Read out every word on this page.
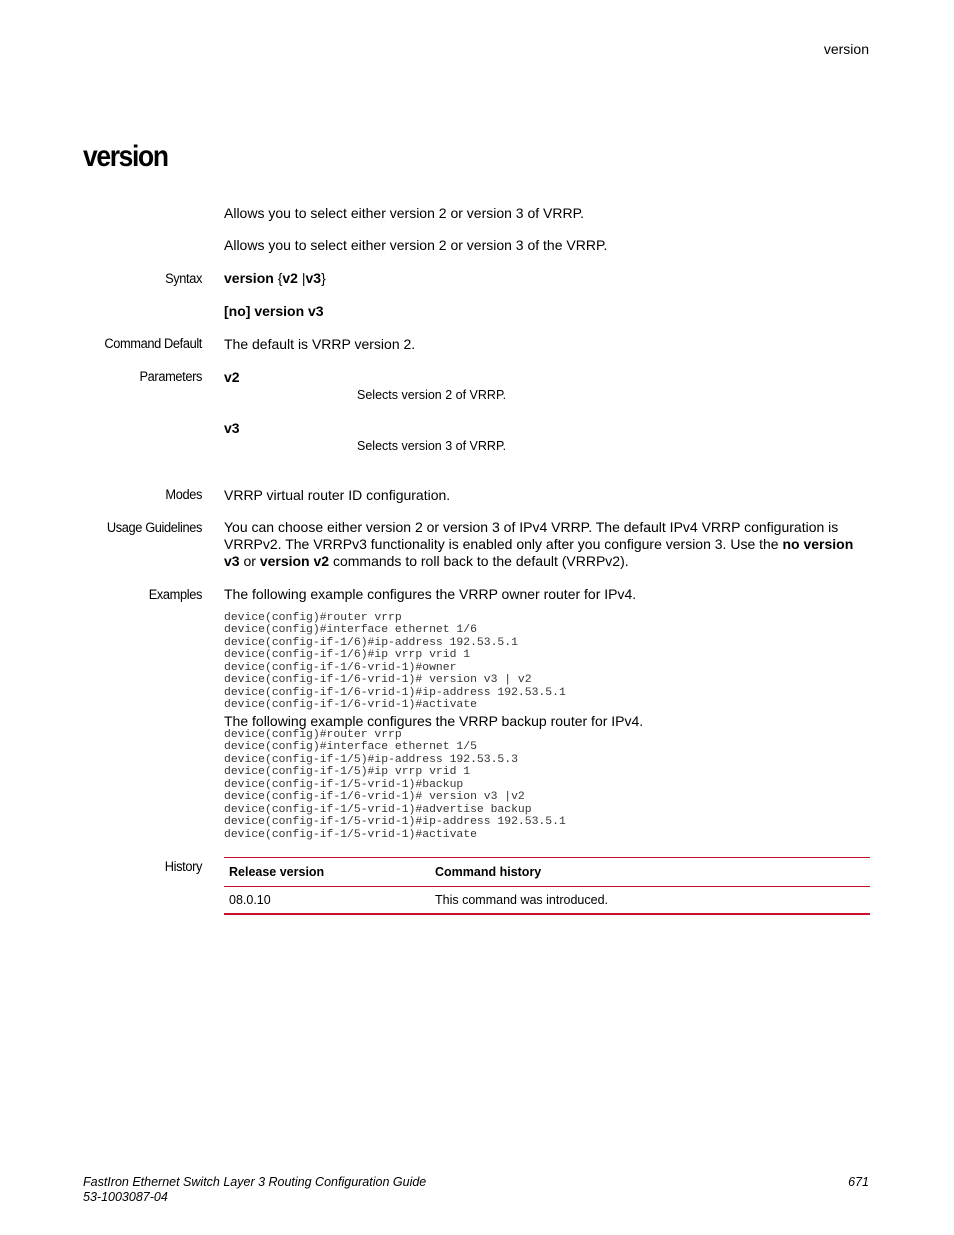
version
version
Allows you to select either version 2 or version 3 of VRRP.
Allows you to select either version 2 or version 3 of the VRRP.
Syntax version {v2 |v3}
[no] version v3
Command Default The default is VRRP version 2.
Parameters v2
Selects version 2 of VRRP.
v3
Selects version 3 of VRRP.
Modes VRRP virtual router ID configuration.
Usage Guidelines You can choose either version 2 or version 3 of IPv4 VRRP. The default IPv4 VRRP configuration is VRRPv2. The VRRPv3 functionality is enabled only after you configure version 3. Use the no version v3 or version v2 commands to roll back to the default (VRRPv2).
Examples The following example configures the VRRP owner router for IPv4.
device(config)#router vrrp
device(config)#interface ethernet 1/6
device(config-if-1/6)#ip-address 192.53.5.1
device(config-if-1/6)#ip vrrp vrid 1
device(config-if-1/6-vrid-1)#owner
device(config-if-1/6-vrid-1)# version v3 | v2
device(config-if-1/6-vrid-1)#ip-address 192.53.5.1
device(config-if-1/6-vrid-1)#activate
The following example configures the VRRP backup router for IPv4.
device(config)#router vrrp
device(config)#interface ethernet 1/5
device(config-if-1/5)#ip-address 192.53.5.3
device(config-if-1/5)#ip vrrp vrid 1
device(config-if-1/5-vrid-1)#backup
device(config-if-1/6-vrid-1)# version v3 |v2
device(config-if-1/5-vrid-1)#advertise backup
device(config-if-1/5-vrid-1)#ip-address 192.53.5.1
device(config-if-1/5-vrid-1)#activate
History Release version	Command history
08.0.10	This command was introduced.
FastIron Ethernet Switch Layer 3 Routing Configuration Guide
53-1003087-04
671
